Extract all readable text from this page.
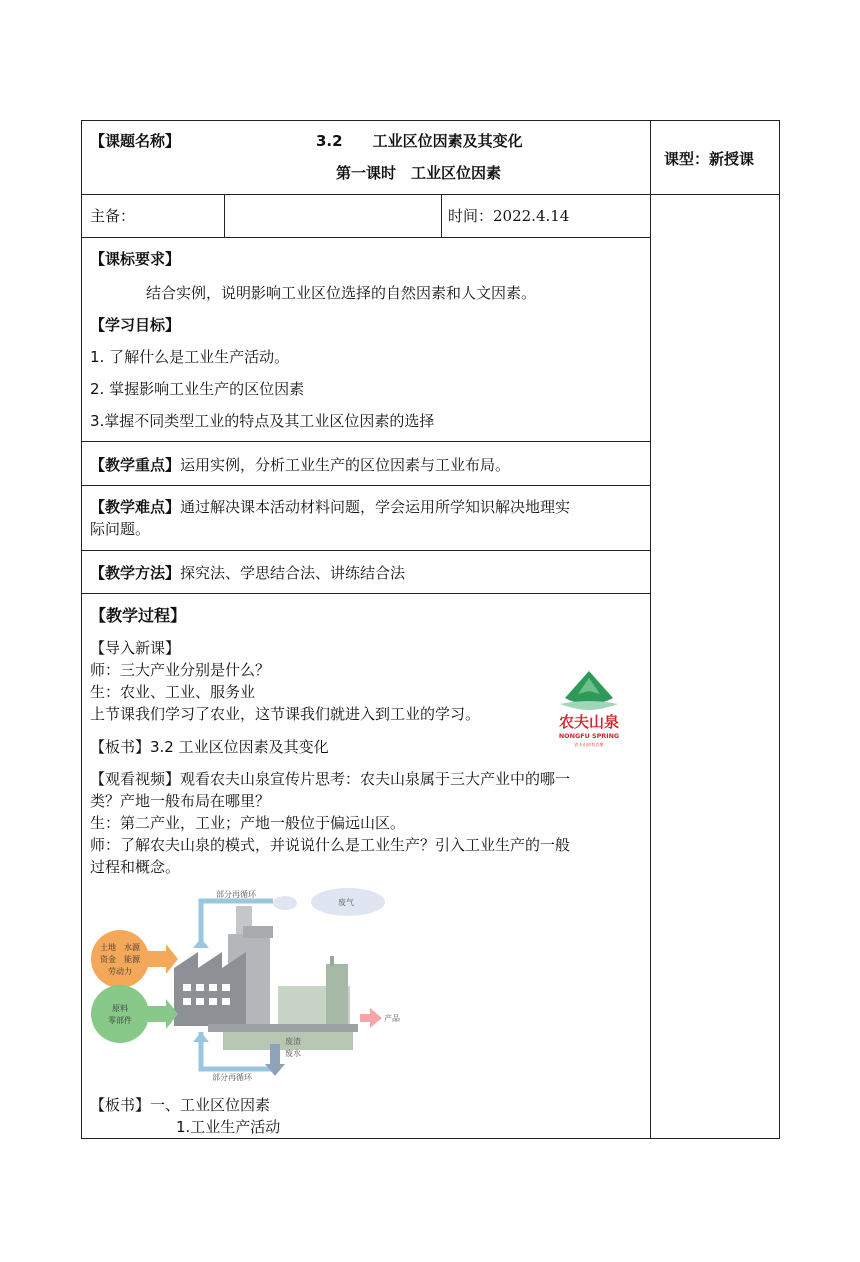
【课题名称】	3.2　　工业区位因素及其变化
第一课时　工业区位因素
课型：新授课
主备：	时间：2022.4.14
【课标要求】
结合实例，说明影响工业区位选择的自然因素和人文因素。
【学习目标】
1. 了解什么是工业生产活动。
2. 掌握影响工业生产的区位因素
3.掌握不同类型工业的特点及其工业区位因素的选择
【教学重点】运用实例，分析工业生产的区位因素与工业布局。
【教学难点】通过解决课本活动材料问题，学会运用所学知识解决地理实
际问题。
【教学方法】探究法、学思结合法、讲练结合法
【教学过程】
【导入新课】
师：三大产业分别是什么？
生：农业、工业、服务业
上节课我们学习了农业，这节课我们就进入到工业的学习。
【板书】3.2 工业区位因素及其变化
【观看视频】观看农夫山泉宣传片思考：农夫山泉属于三大产业中的哪一
类？产地一般布局在哪里？
生：第二产业，工业；产地一般位于偏远山区。
师：了解农夫山泉的模式，并说说什么是工业生产？引入工业生产的一般
过程和概念。
【板书】一、工业区位因素
1.工业生产活动
农夫山泉
NONGFU SPRING
农夫山泉有点甜
部分再循环
废气
土地　水源
资金　能源
劳动力
原料
零部件	产品
废渣
废水
部分再循环
